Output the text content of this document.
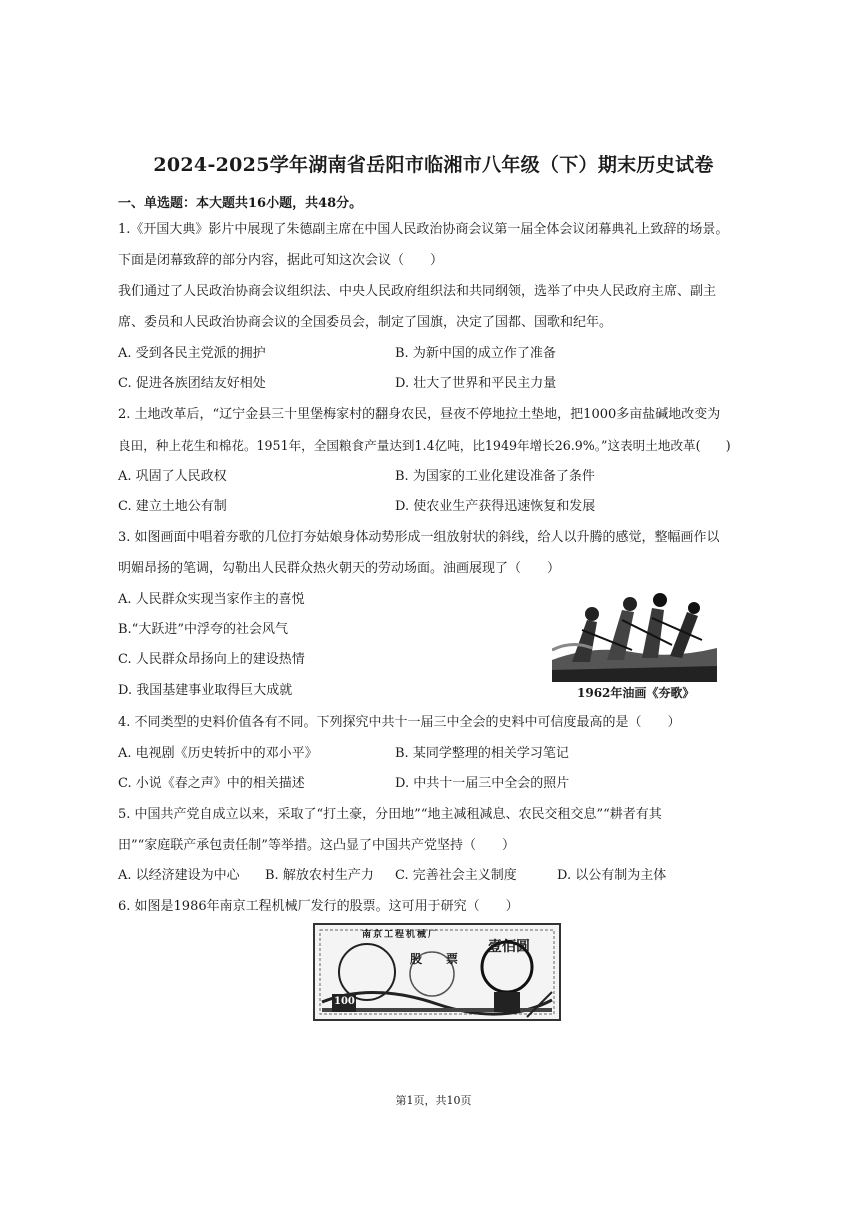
2024-2025学年湖南省岳阳市临湘市八年级（下）期末历史试卷
一、单选题：本大题共16小题，共48分。
1.《开国大典》影片中展现了朱德副主席在中国人民政治协商会议第一届全体会议闭幕典礼上致辞的场景。
下面是闭幕致辞的部分内容，据此可知这次会议（　　）
我们通过了人民政治协商会议组织法、中央人民政府组织法和共同纲领，选举了中央人民政府主席、副主
席、委员和人民政治协商会议的全国委员会，制定了国旗，决定了国都、国歌和纪年。
A. 受到各民主党派的拥护	B. 为新中国的成立作了准备
C. 促进各族团结友好相处	D. 壮大了世界和平民主力量
2. 土地改革后，“辽宁金县三十里堡梅家村的翻身农民，昼夜不停地拉土垫地，把1000多亩盐碱地改变为
良田，种上花生和棉花。1951年，全国粮食产量达到1.4亿吨，比1949年增长26.9%。”这表明土地改革(　　)
A. 巩固了人民政权	B. 为国家的工业化建设准备了条件
C. 建立土地公有制	D. 使农业生产获得迅速恢复和发展
3. 如图画面中唱着夯歌的几位打夯姑娘身体动势形成一组放射状的斜线，给人以升腾的感觉，整幅画作以
明媚昂扬的笔调，勾勒出人民群众热火朝天的劳动场面。油画展现了（　　）
A. 人民群众实现当家作主的喜悦
B.“大跃进”中浮夸的社会风气
C. 人民群众昂扬向上的建设热情
D. 我国基建事业取得巨大成就	1962年油画《夯歌》
4. 不同类型的史料价值各有不同。下列探究中共十一届三中全会的史料中可信度最高的是（　　）
A. 电视剧《历史转折中的邓小平》	B. 某同学整理的相关学习笔记
C. 小说《春之声》中的相关描述	D. 中共十一届三中全会的照片
5. 中国共产党自成立以来，采取了“打土豪，分田地”“地主减租减息、农民交租交息”“耕者有其
田”“家庭联产承包责任制”等举措。这凸显了中国共产党坚持（　　）
A. 以经济建设为中心 B. 解放农村生产力 C. 完善社会主义制度	D. 以公有制为主体
6. 如图是1986年南京工程机械厂发行的股票。这可用于研究（　　）
南京工程机械厂
股　　票
壹佰圆
100
第1页，共10页
